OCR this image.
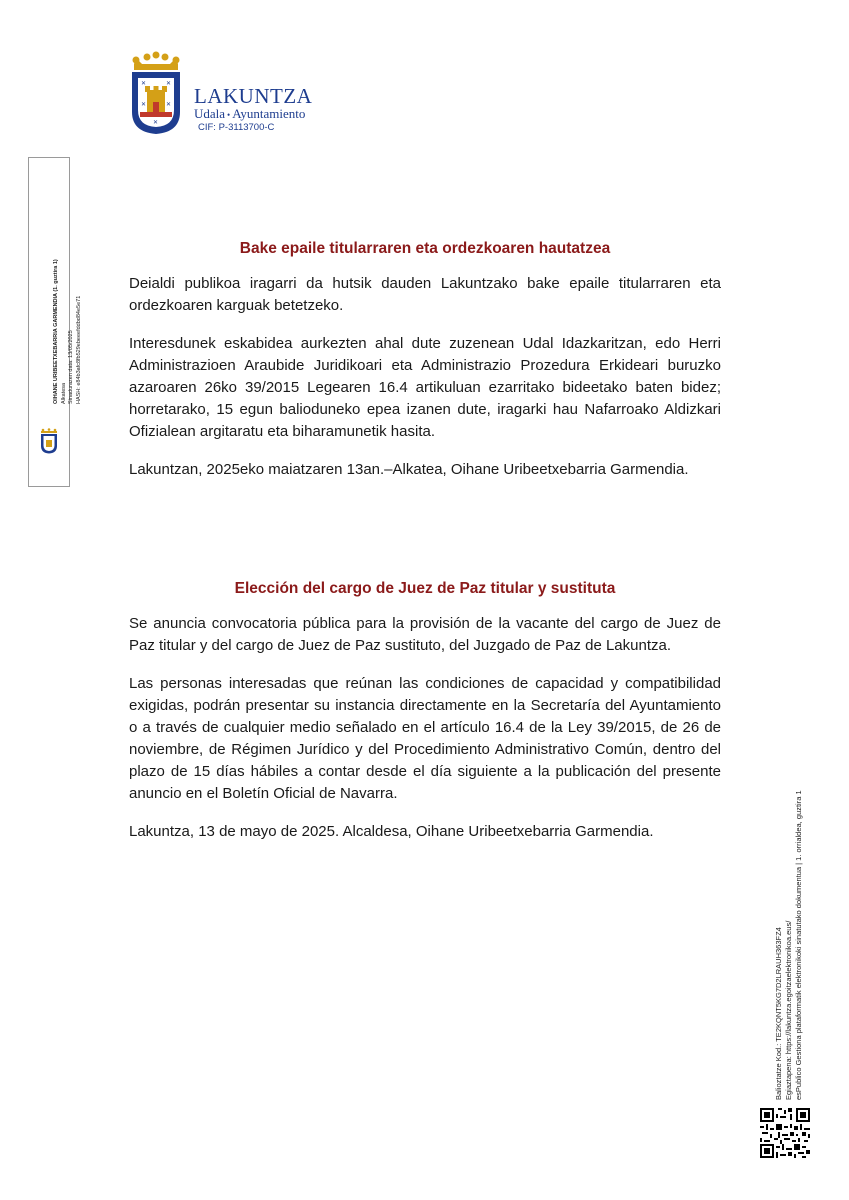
✕	✕
✕	✕
✕
LAKUNTZA
Udala • Ayuntamiento
CIF: P-3113700-C
OIHANE URIBEETXEBARRIA GARMENDIA (1. guztira 1) Alkatesa Sinadurazen data: 13/05/2025 HASH: e84b3afc8fb529ebeeefddbd84e5e71
Bake epaile titularraren eta ordezkoaren hautatzea

Deialdi publikoa iragarri da hutsik dauden Lakuntzako bake epaile titularraren eta ordezkoaren karguak betetzeko.

Interesdunek eskabidea aurkezten ahal dute zuzenean Udal Idazkaritzan, edo Herri Administrazioen Araubide Juridikoari eta Administrazio Prozedura Erkideari buruzko azaroaren 26ko 39/2015 Legearen 16.4 artikuluan ezarritako bideetako baten bidez; horretarako, 15 egun balioduneko epea izanen dute, iragarki hau Nafarroako Aldizkari Ofizialean argitaratu eta biharamunetik hasita.

Lakuntzan, 2025eko maiatzaren 13an.–Alkatea, Oihane Uribeetxebarria Garmendia.

Elección del cargo de Juez de Paz titular y sustituta

Se anuncia convocatoria pública para la provisión de la vacante del cargo de Juez de Paz titular y del cargo de Juez de Paz sustituto, del Juzgado de Paz de Lakuntza.

Las personas interesadas que reúnan las condiciones de capacidad y compatibilidad exigidas, podrán presentar su instancia directamente en la Secretaría del Ayuntamiento o a través de cualquier medio señalado en el artículo 16.4 de la Ley 39/2015, de 26 de noviembre, de Régimen Jurídico y del Procedimiento Administrativo Común, dentro del plazo de 15 días hábiles a contar desde el día siguiente a la publicación del presente anuncio en el Boletín Oficial de Navarra.

Lakuntza, 13 de mayo de 2025. Alcaldesa, Oihane Uribeetxebarria Garmendia.

Balioztatze Kod.: TE2KQNT5KG7D2LRAUH363FZ4 Egiaztapena: https://lakuntza.egoitzaelektronikoa.eus/ esPublico Gestiona plataformatik elektronikoki sinatutako dokumentua | 1. orrialdea, guztira 1
